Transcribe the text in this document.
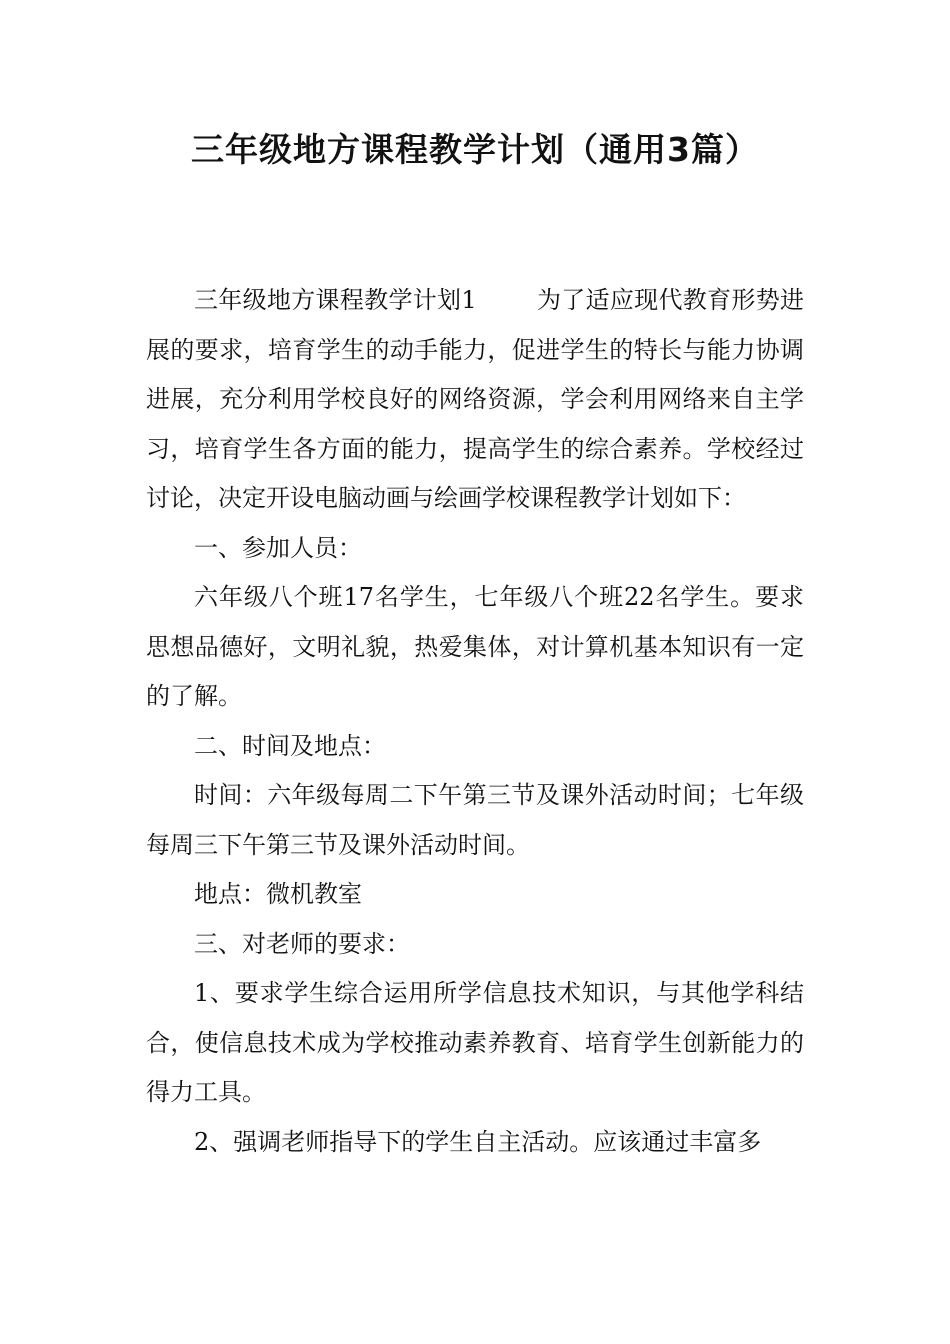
三年级地方课程教学计划（通用3篇）

三年级地方课程教学计划1	为了适应现代教育形势进展的要求，培育学生的动手能力，促进学生的特长与能力协调进展，充分利用学校良好的网络资源，学会利用网络来自主学习，培育学生各方面的能力，提高学生的综合素养。学校经过讨论，决定开设电脑动画与绘画学校课程教学计划如下：

一、参加人员：

六年级八个班17名学生，七年级八个班22名学生。要求思想品德好，文明礼貌，热爱集体，对计算机基本知识有一定的了解。

二、时间及地点：

时间：六年级每周二下午第三节及课外活动时间；七年级每周三下午第三节及课外活动时间。

地点：微机教室

三、对老师的要求：

1、要求学生综合运用所学信息技术知识，与其他学科结合，使信息技术成为学校推动素养教育、培育学生创新能力的得力工具。

2、强调老师指导下的学生自主活动。应该通过丰富多
